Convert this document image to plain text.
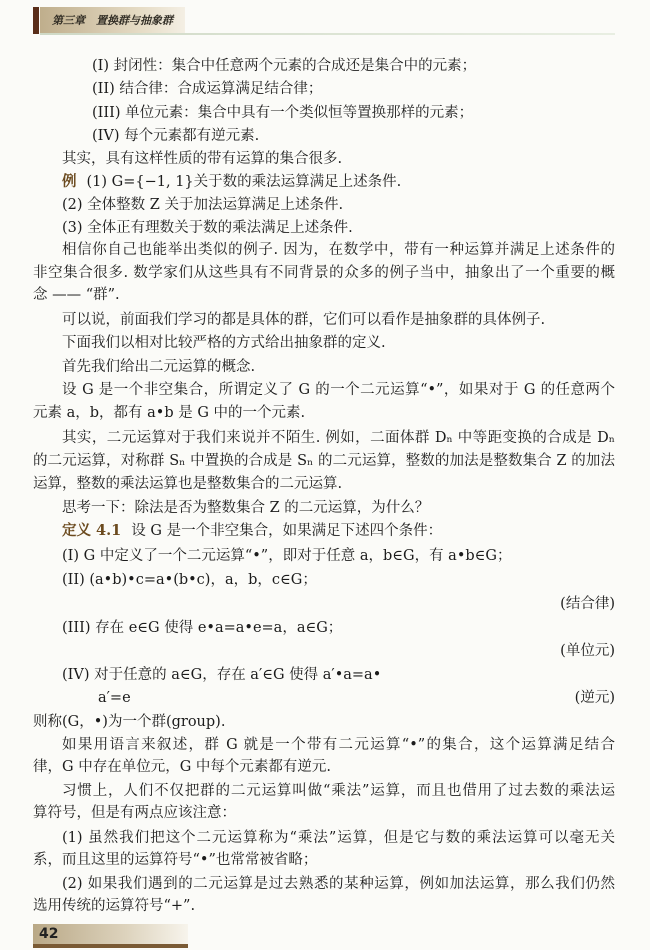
第三章　置换群与抽象群
(I) 封闭性：集合中任意两个元素的合成还是集合中的元素；
(II) 结合律：合成运算满足结合律；
(III) 单位元素：集合中具有一个类似恒等置换那样的元素；
(IV) 每个元素都有逆元素.
其实，具有这样性质的带有运算的集合很多.
例 (1) G={−1, 1}关于数的乘法运算满足上述条件.
(2) 全体整数 Z 关于加法运算满足上述条件.
(3) 全体正有理数关于数的乘法满足上述条件.
相信你自己也能举出类似的例子. 因为，在数学中，带有一种运算并满足上述条件的
非空集合很多. 数学家们从这些具有不同背景的众多的例子当中，抽象出了一个重要的概
念 —— “群”.
可以说，前面我们学习的都是具体的群，它们可以看作是抽象群的具体例子.
下面我们以相对比较严格的方式给出抽象群的定义.
首先我们给出二元运算的概念.
设 G 是一个非空集合，所谓定义了 G 的一个二元运算“•”，如果对于 G 的任意两个
元素 a，b，都有 a•b 是 G 中的一个元素.
其实，二元运算对于我们来说并不陌生. 例如，二面体群 Dₙ 中等距变换的合成是 Dₙ
的二元运算，对称群 Sₙ 中置换的合成是 Sₙ 的二元运算，整数的加法是整数集合 Z 的加法
运算，整数的乘法运算也是整数集合的二元运算.
思考一下：除法是否为整数集合 Z 的二元运算，为什么？
定义 4.1 设 G 是一个非空集合，如果满足下述四个条件：
(I) G 中定义了一个二元运算“•”，即对于任意 a，b∈G，有 a•b∈G；
(II) (a•b)•c=a•(b•c)，a，b，c∈G；
(结合律)
(III) 存在 e∈G 使得 e•a=a•e=a，a∈G；
(单位元)
(IV) 对于任意的 a∈G，存在 a′∈G 使得 a′•a=a•
a′=e	(逆元)
则称(G，•)为一个群(group).
如果用语言来叙述，群 G 就是一个带有二元运算“•”的集合，这个运算满足结合
律，G 中存在单位元，G 中每个元素都有逆元.
习惯上，人们不仅把群的二元运算叫做“乘法”运算，而且也借用了过去数的乘法运
算符号，但是有两点应该注意：
(1) 虽然我们把这个二元运算称为“乘法”运算，但是它与数的乘法运算可以毫无关
系，而且这里的运算符号“•”也常常被省略；
(2) 如果我们遇到的二元运算是过去熟悉的某种运算，例如加法运算，那么我们仍然
选用传统的运算符号“+”.
42
